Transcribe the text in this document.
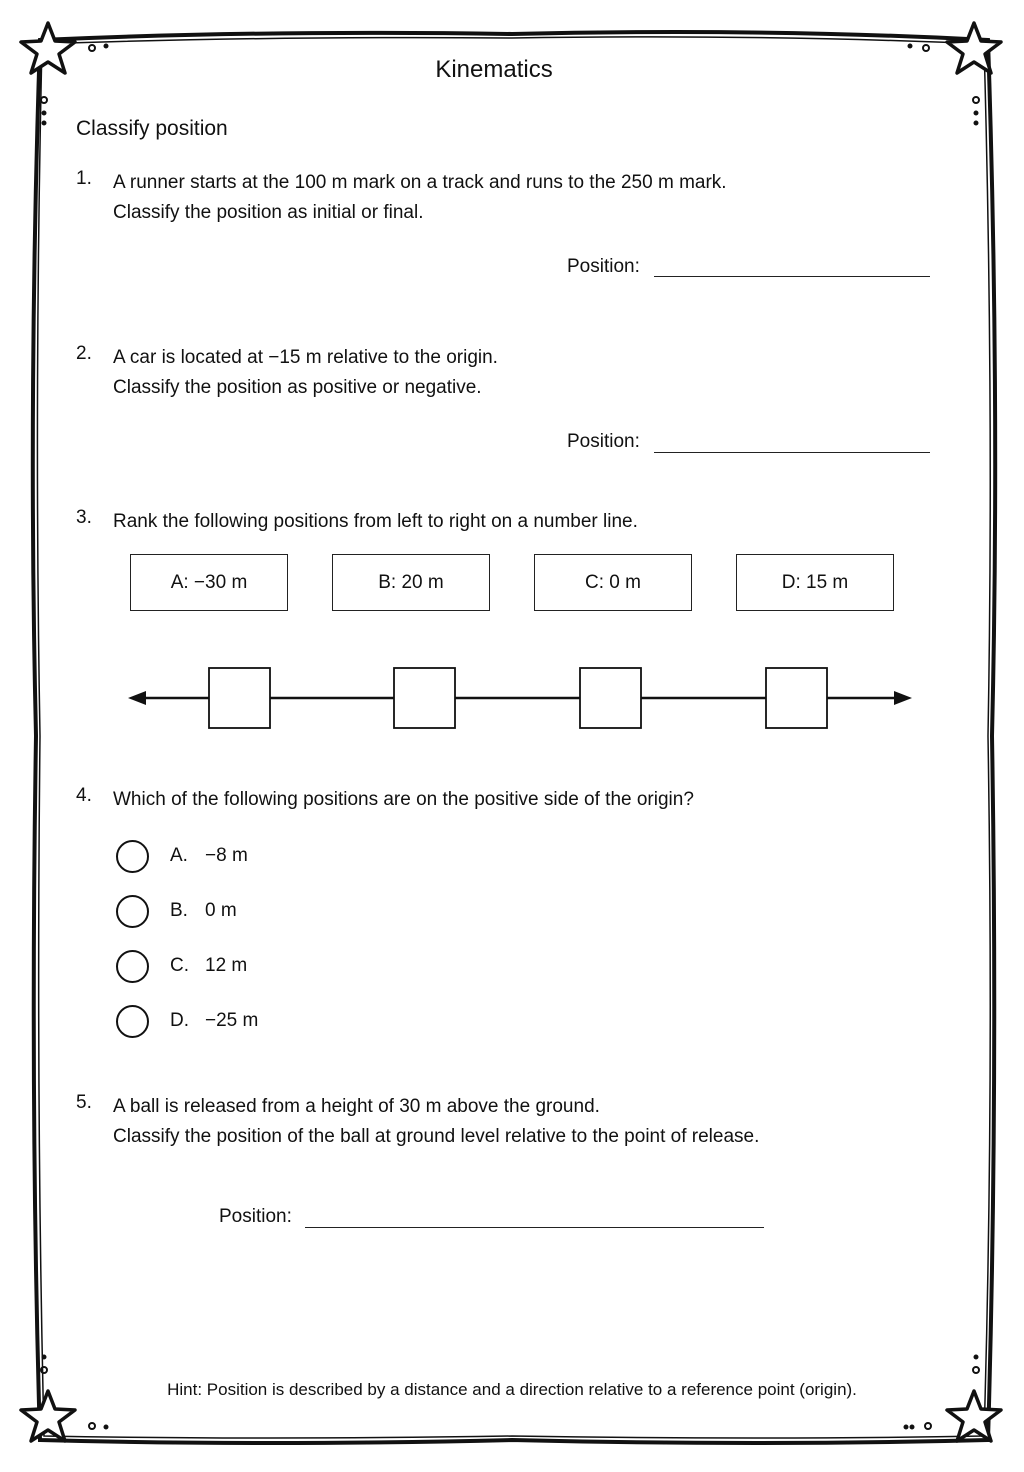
Kinematics
Classify position
1. A runner starts at the 100 m mark on a track and runs to the 250 m mark.
Classify the position as initial or final.
Position:
2. A car is located at −15 m relative to the origin.
Classify the position as positive or negative.
Position:
3. Rank the following positions from left to right on a number line.
A: −30 m	B: 20 m	C: 0 m	D: 15 m
4. Which of the following positions are on the positive side of the origin?
A. −8 m
B. 0 m
C. 12 m
D. −25 m
5. A ball is released from a height of 30 m above the ground.
Classify the position of the ball at ground level relative to the point of release.
Position:
Hint: Position is described by a distance and a direction relative to a reference point (origin).
